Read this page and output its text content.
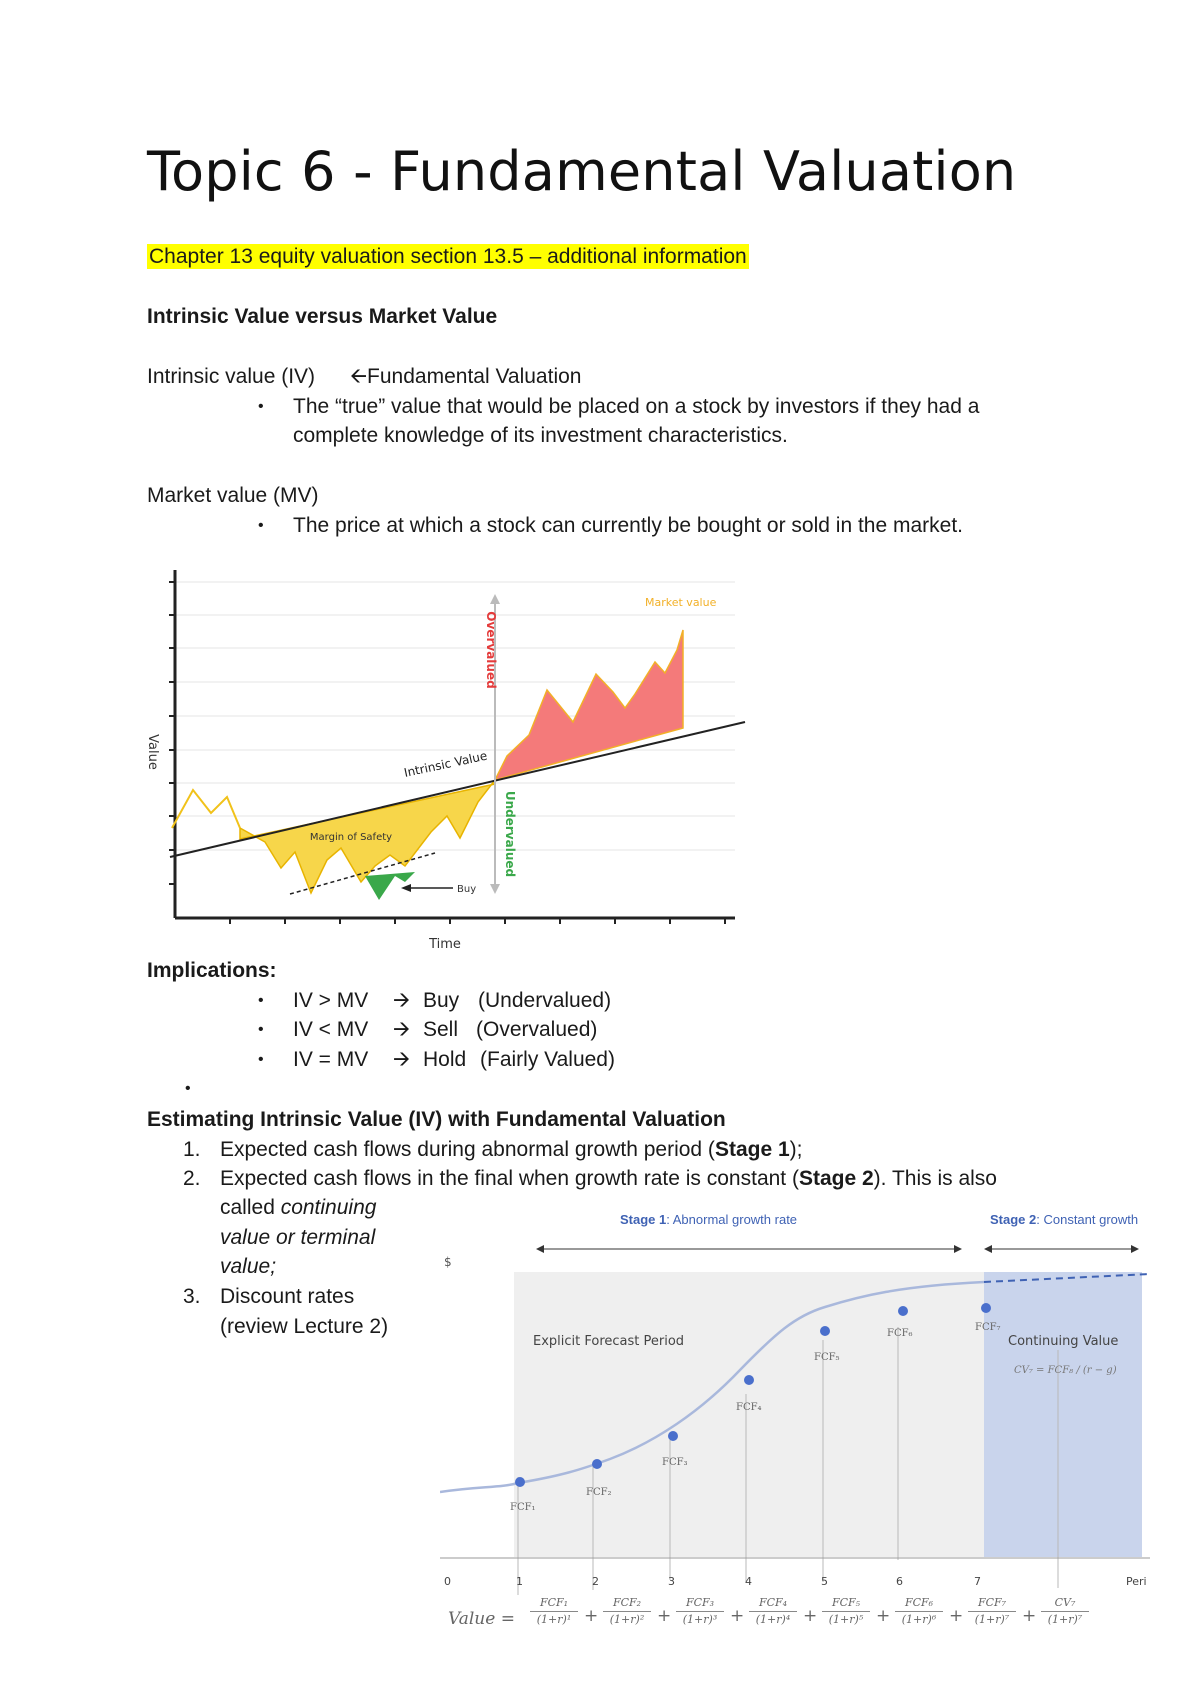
Topic 6 - Fundamental Valuation
Chapter 13 equity valuation section 13.5 – additional information
Intrinsic Value versus Market Value
Intrinsic value (IV) 🡨Fundamental Valuation
• The “true” value that would be placed on a stock by investors if they had a
complete knowledge of its investment characteristics.
Market value (MV)
• The price at which a stock can currently be bought or sold in the market.
Value
Time
Market value
Intrinsic Value
Overvalued
Undervalued
Margin of Safety
Buy
Implications:
• IV > MV 🡪 Buy (Undervalued)
• IV < MV 🡪 Sell (Overvalued)
• IV = MV 🡪 Hold (Fairly Valued)
•
Estimating Intrinsic Value (IV) with Fundamental Valuation
1. Expected cash flows during abnormal growth period (Stage 1);
2. Expected cash flows in the final when growth rate is constant (Stage 2). This is also
called continuing
value or terminal
value;
3. Discount rates
(review Lecture 2)
Stage 1: Abnormal growth rate	Stage 2: Constant growth
$
Explicit Forecast Period	Continuing Value
CV₇ = FCF₈ / (r − g)
FCF₁
FCF₂
FCF₃
FCF₄
FCF₅
FCF₆
FCF₇
0	1	2	3	4	5	6	7	Peri
Value =
FCF₁
(1+r)¹ +
FCF₂
(1+r)² +
FCF₃
(1+r)³ +
FCF₄
(1+r)⁴ +
FCF₅
(1+r)⁵ +
FCF₆
(1+r)⁶ +
FCF₇
$(1+r)^7 + \frac{\text{CV₇}}{\text{(1+r)⁷}}$
